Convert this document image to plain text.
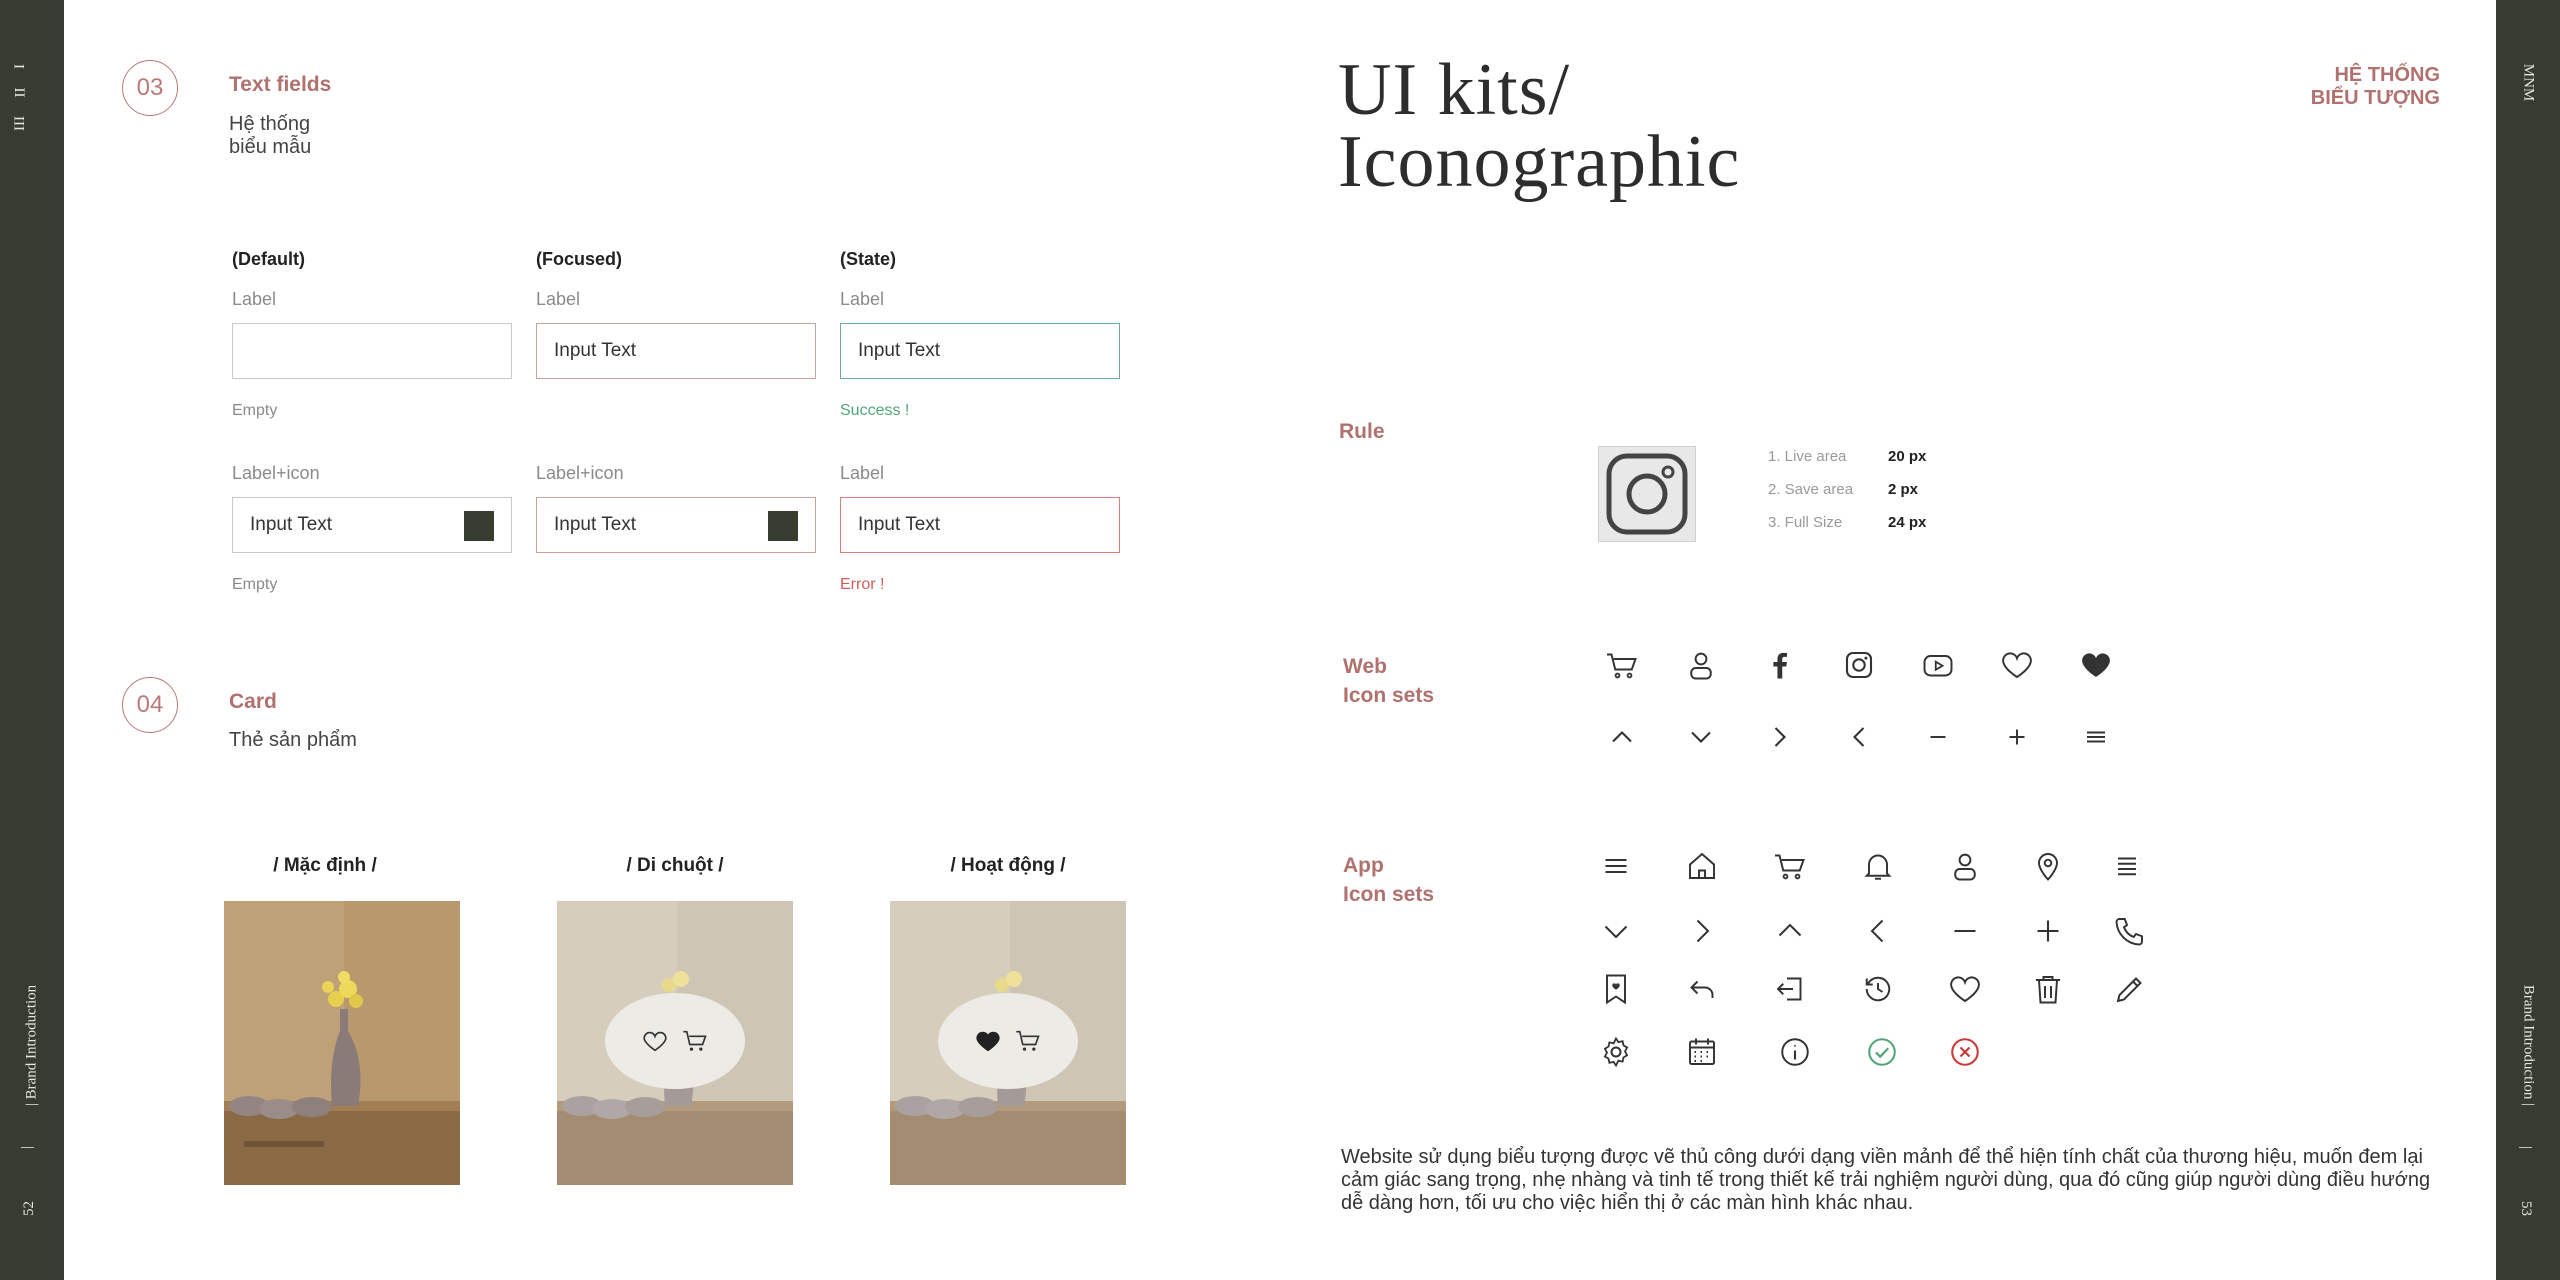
I
II
III
| Brand Introduction
|
52
MNM
Brand Introduction |
|
53
03	Text fields
Hệ thống
biểu mẫu
(Default)	(Focused)	(State)
Label
Empty
Label
Input Text
Label
Input Text
Success !
Label+icon
Input Text
Empty
Label+icon
Input Text
Label
Input Text
Error !
04	Card
Thẻ sản phẩm
/ Mặc định /	/ Di chuột /	/ Hoạt động /
UI kits/
Iconographic
HỆ THỐNG
BIỂU TƯỢNG
Rule
1. Live area	20 px
2. Save area 2 px
3. Full Size	24 px
Web
Icon sets
App
Icon sets
Website sử dụng biểu tượng được vẽ thủ công dưới dạng viền mảnh để thể hiện tính chất của thương hiệu, muốn đem lại cảm giác sang trọng, nhẹ nhàng và tinh tế trong thiết kế trải nghiệm người dùng, qua đó cũng giúp người dùng điều hướng dễ dàng hơn, tối ưu cho việc hiển thị ở các màn hình khác nhau.
